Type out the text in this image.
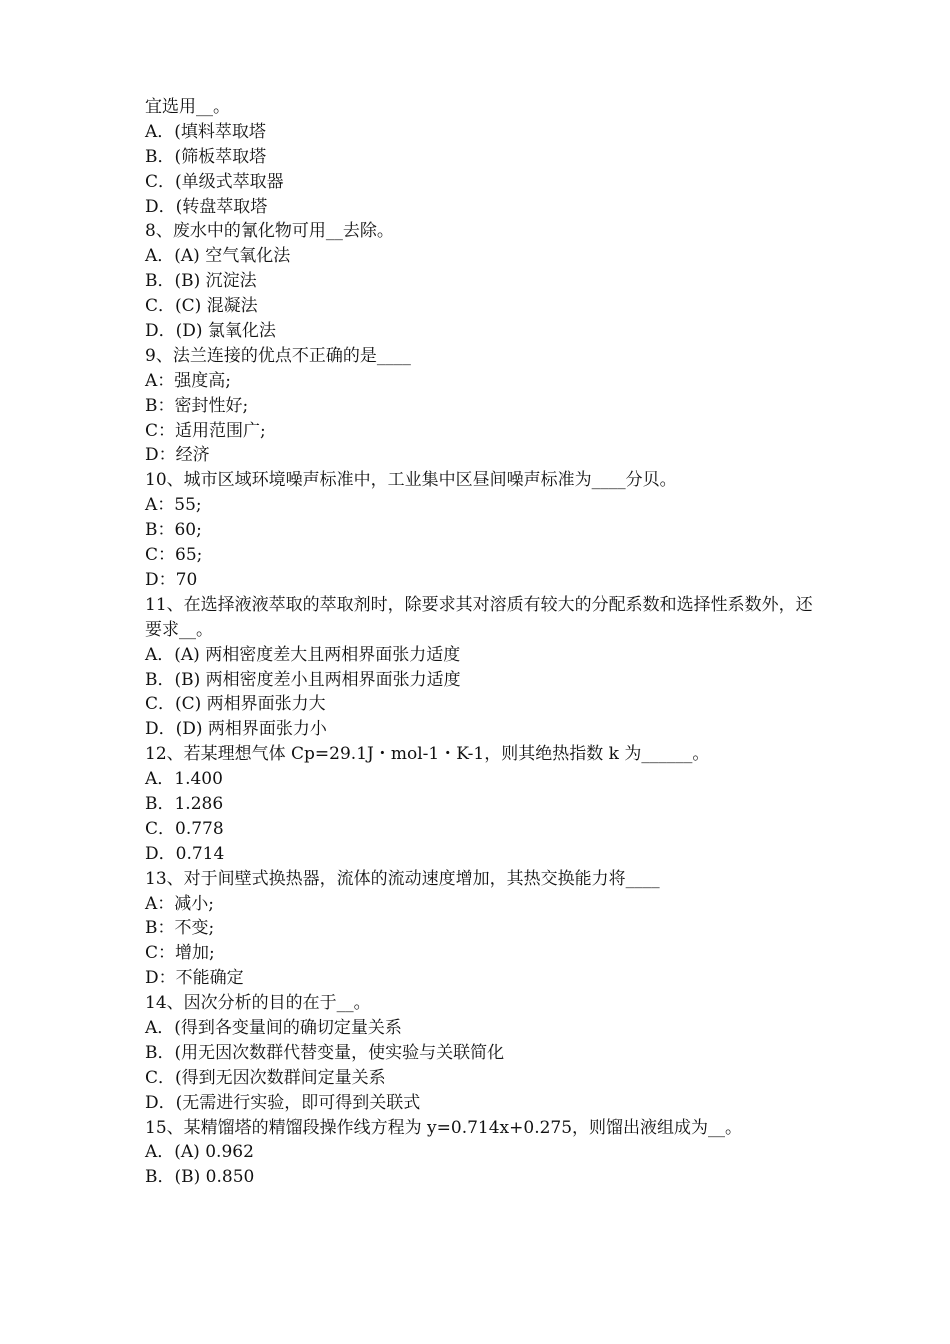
宜选用__。
A．(填料萃取塔
B．(筛板萃取塔
C．(单级式萃取器
D．(转盘萃取塔
8、废水中的氰化物可用__去除。
A．(A) 空气氧化法
B．(B) 沉淀法
C．(C) 混凝法
D．(D) 氯氧化法
9、法兰连接的优点不正确的是____
A：强度高;
B：密封性好;
C：适用范围广;
D：经济
10、城市区域环境噪声标准中，工业集中区昼间噪声标准为____分贝。
A：55;
B：60;
C：65;
D：70
11、在选择液液萃取的萃取剂时，除要求其对溶质有较大的分配系数和选择性系数外，还要求__。
A．(A) 两相密度差大且两相界面张力适度
B．(B) 两相密度差小且两相界面张力适度
C．(C) 两相界面张力大
D．(D) 两相界面张力小
12、若某理想气体 Cp=29.1J・mol-1・K-1，则其绝热指数 k 为______。
A．1.400
B．1.286
C．0.778
D．0.714
13、对于间壁式换热器，流体的流动速度增加，其热交换能力将____
A：减小;
B：不变;
C：增加;
D：不能确定
14、因次分析的目的在于__。
A．(得到各变量间的确切定量关系
B．(用无因次数群代替变量，使实验与关联简化
C．(得到无因次数群间定量关系
D．(无需进行实验，即可得到关联式
15、某精馏塔的精馏段操作线方程为 y=0.714x+0.275，则馏出液组成为__。
A．(A) 0.962
B．(B) 0.850
